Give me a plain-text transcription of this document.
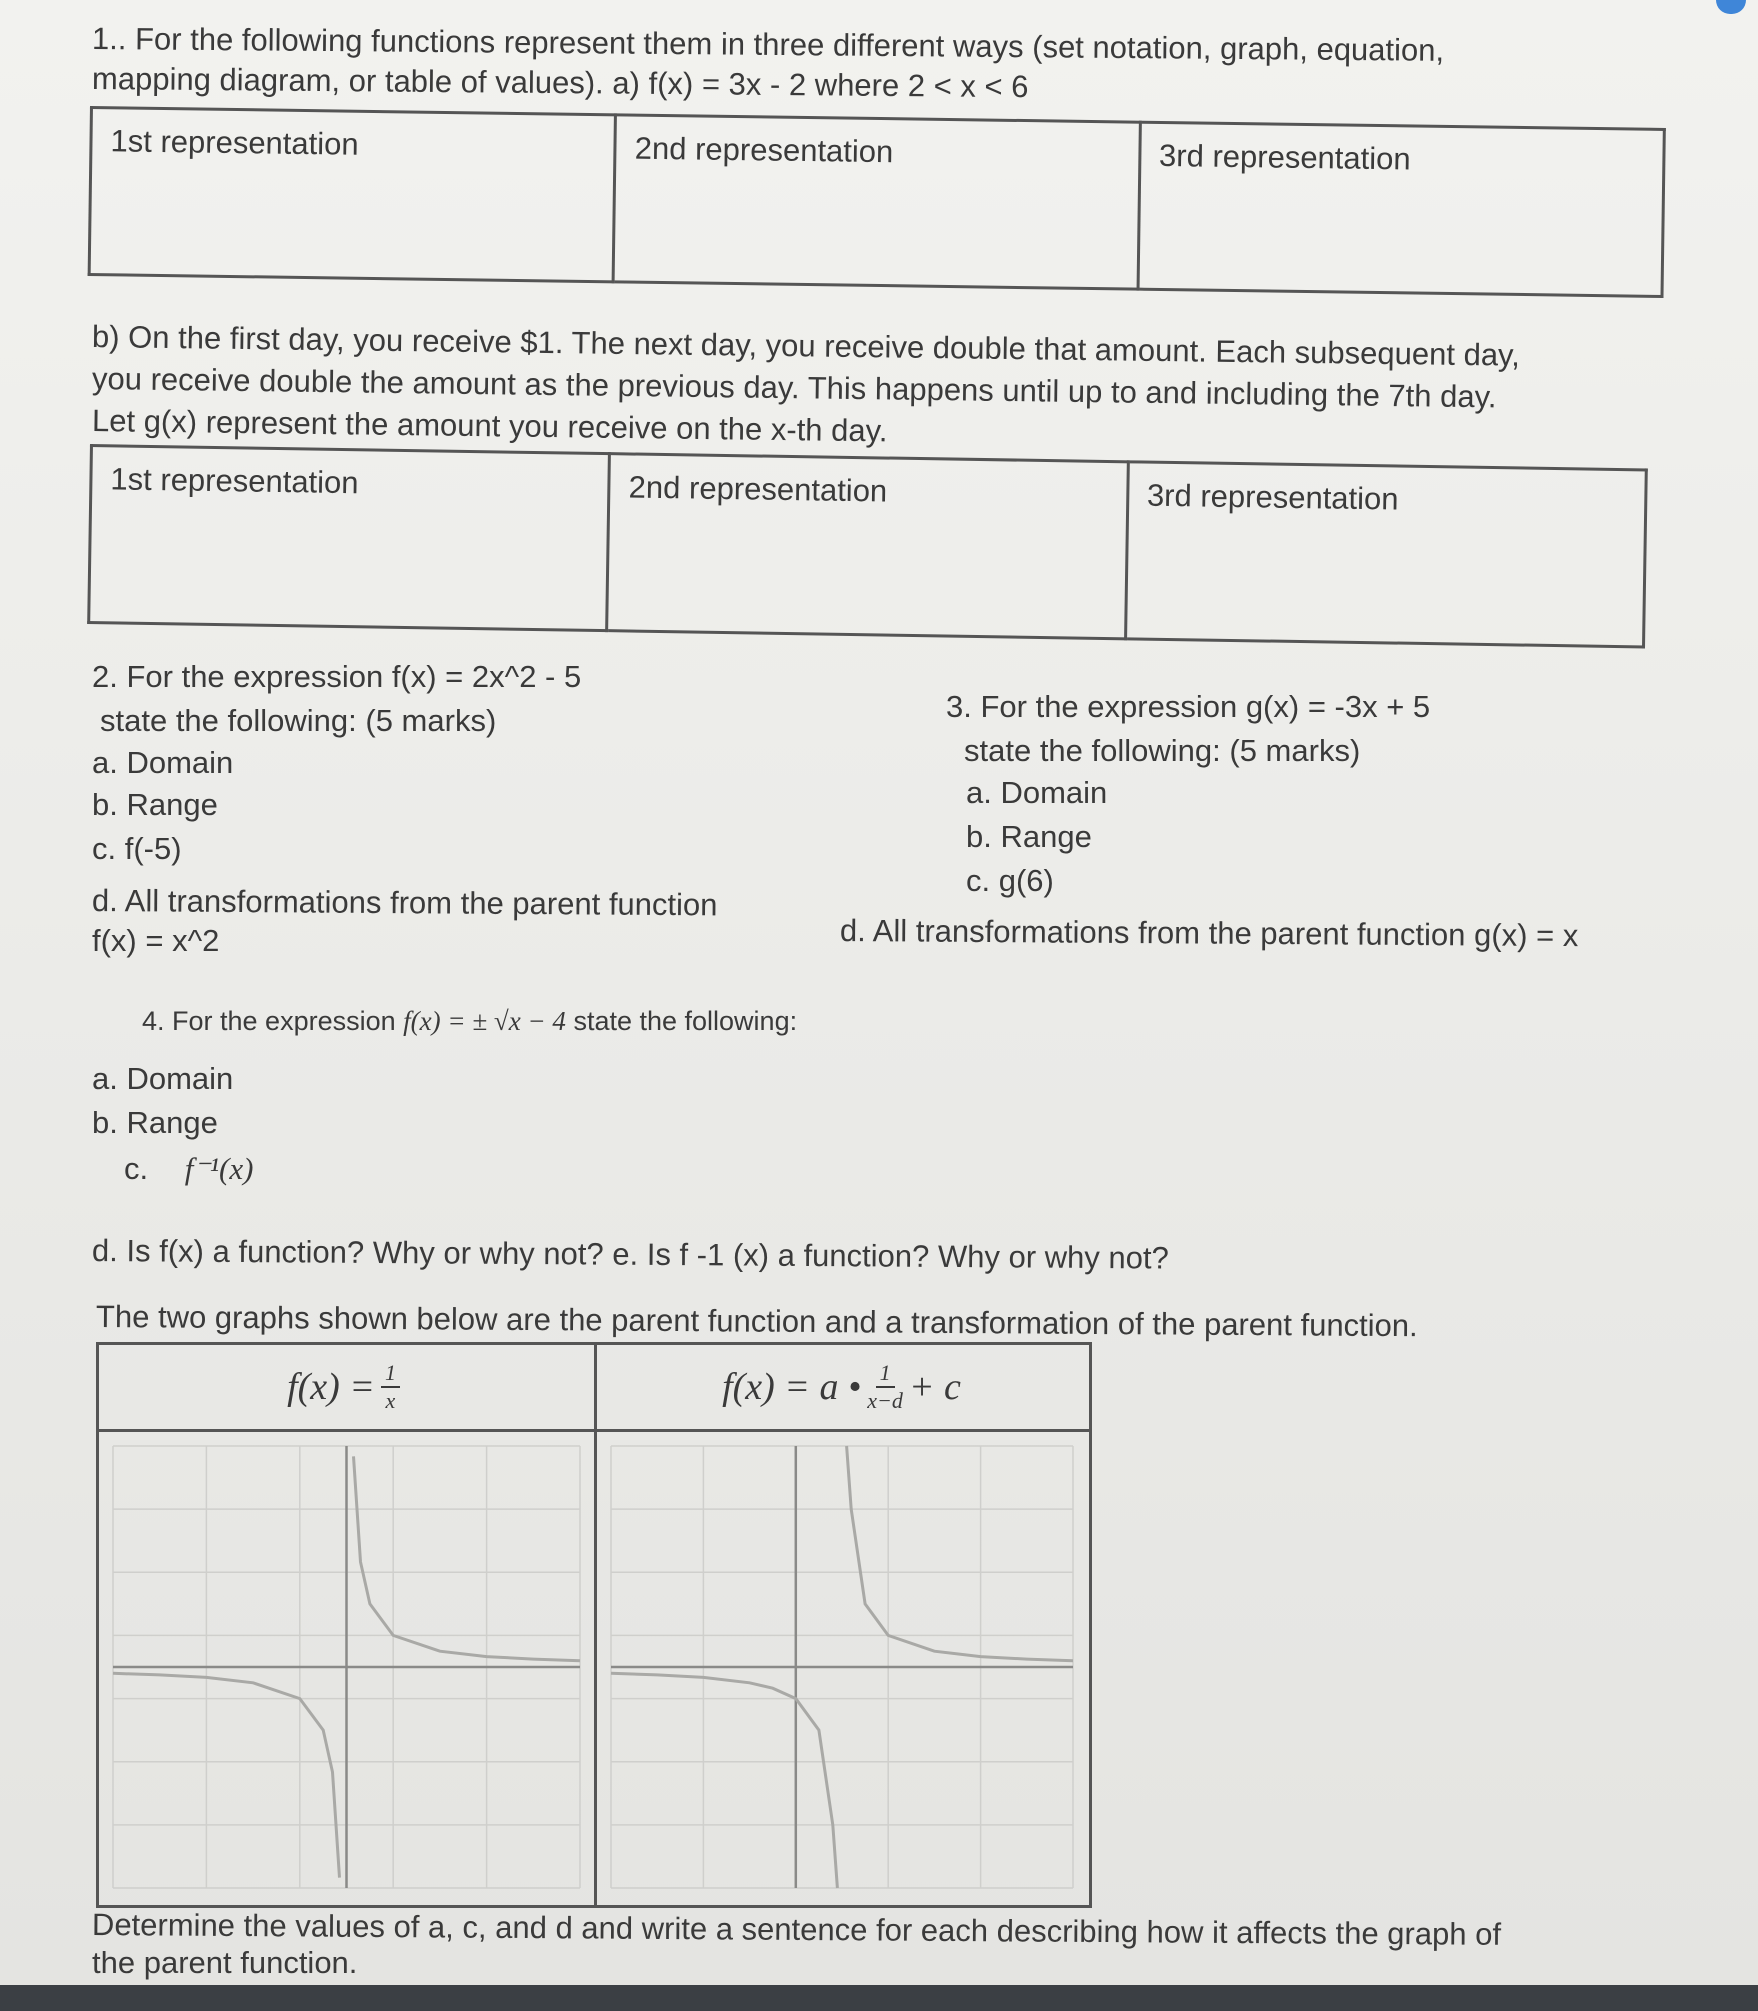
1.. For the following functions represent them in three different ways (set notation, graph, equation,

mapping diagram, or table of values). a) f(x) = 3x - 2 where 2 < x < 6

1st representation	2nd representation	3rd representation

b) On the first day, you receive $1. The next day, you receive double that amount. Each subsequent day,

you receive double the amount as the previous day. This happens until up to and including the 7th day.

Let g(x) represent the amount you receive on the x-th day.

1st representation	2nd representation	3rd representation

2. For the expression f(x) = 2x^2 - 5

state the following: (5 marks)

a. Domain

b. Range

c. f(-5)

d. All transformations from the parent function

f(x) = x^2

3. For the expression g(x) = -3x + 5

state the following: (5 marks)

a. Domain

b. Range

c. g(6)

d. All transformations from the parent function g(x) = x

4. For the expression f(x) = ± √x − 4 state the following:

a. Domain

b. Range

c. f⁻¹(x)

d. Is f(x) a function? Why or why not? e. Is f -1 (x) a function? Why or why not?

The two graphs shown below are the parent function and a transformation of the parent function.

$f(x) = \frac{1}{x}$	f(x) = a • $\frac{1}{x-d} + c$

Determine the values of a, c, and d and write a sentence for each describing how it affects the graph of

the parent function.
